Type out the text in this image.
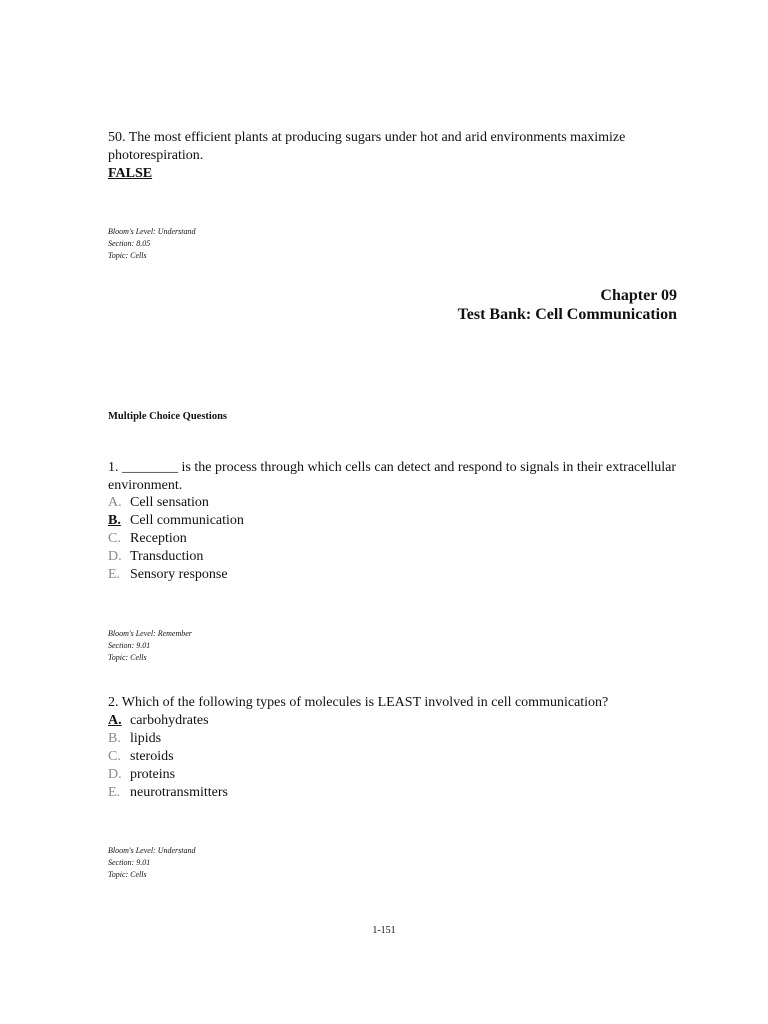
50. The most efficient plants at producing sugars under hot and arid environments maximize photorespiration.
FALSE
Bloom's Level: Understand
Section: 8.05
Topic: Cells
Chapter 09
Test Bank: Cell Communication
Multiple Choice Questions
1. ________ is the process through which cells can detect and respond to signals in their extracellular environment.
A. Cell sensation
B. Cell communication
C. Reception
D. Transduction
E. Sensory response
Bloom's Level: Remember
Section: 9.01
Topic: Cells
2. Which of the following types of molecules is LEAST involved in cell communication?
A. carbohydrates
B. lipids
C. steroids
D. proteins
E. neurotransmitters
Bloom's Level: Understand
Section: 9.01
Topic: Cells
1-151
